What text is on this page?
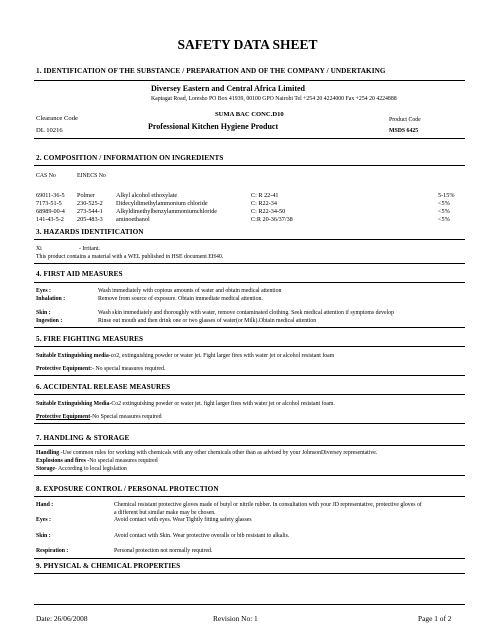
SAFETY DATA SHEET
1. IDENTIFICATION OF THE SUBSTANCE / PREPARATION AND OF THE COMPANY / UNDERTAKING
Diversey Eastern and Central Africa Limited
Kaptagat Road, Loresho PO Box 41939, 00100 GPO Nairobi Tel +254 20 4224000 Fax +254 20 4224888
SUMA BAC CONC.D10
Clearance Code
DL 10216	Professional Kitchen Hygiene Product
Product Code
MSDS 6425
2. COMPOSITION / INFORMATION ON INGREDIENTS
CAS No	EINECS No
69011-36-5 Polmer	Alkyl alcohol ethoxylate	C: R 22-41	5-15%
7173-51-5 230-525-2 Didecyldimethylammonium chloride	C: R22-34	<5%
68989-00-4 273-544-1 Alkyldimethylbenzylammoniumchloride	C: R22-34-50	<5%
141-43-5-2 205-483-3 aminoethanol	C:R 20-36/37/38	<5%
3. HAZARDS IDENTIFICATION
Xi	- Irritant.
This product contains a material with a WEL published in HSE document EH40.
4. FIRST AID MEASURES
Eyes :	Wash immediately with copious amounts of water and obtain medical attention
Inhalation :	Remove from source of exposure. Obtain immediate medical attention.
Skin :	Wash skin immediately and thoroughly with water, remove contaminated clothing. Seek medical attention if symptoms develop
Ingestion :	Rinse out mouth and then drink one or two glasses of water(or Milk).Obtain medical attention
5. FIRE FIGHTING MEASURES
Suitable Extinguishing media-co2, extinguishing powder or water jet. Fight larger fires with water jet or alcohol resistant foam
Protective Equipment:- No special measures required.
6. ACCIDENTAL RELEASE MEASURES
Suitable Extinguishing Media-Co2 extinguishing powder or water jet. fight larger fires with water jet or alcohol resistant foam.
Protective Equipment-No Special measures required
7. HANDLING & STORAGE
Handling -Use common rules for working with chemicals with any other chemicals other than as advised by your JohnsonDiversey representative.
Explosions and fires -No special measures required
Storage- According to local legislation
8. EXPOSURE CONTROL / PERSONAL PROTECTION
Hand :	Chemical resistant protective gloves made of butyl or nitrile rubber. In consultation with your JD representative, protective gloves of
a different but similar make may be chosen.
Eyes :	Avoid contact with eyes. Wear Tightly fitting safety glasses
Skin :	Avoid contact with Skin. Wear protective overalls or bib resistant to alkalis.
Respiration :	Personal protection not normally required.
9. PHYSICAL & CHEMICAL PROPERTIES
Date: 26/06/2008	Revision No: 1	Page 1 of 2
